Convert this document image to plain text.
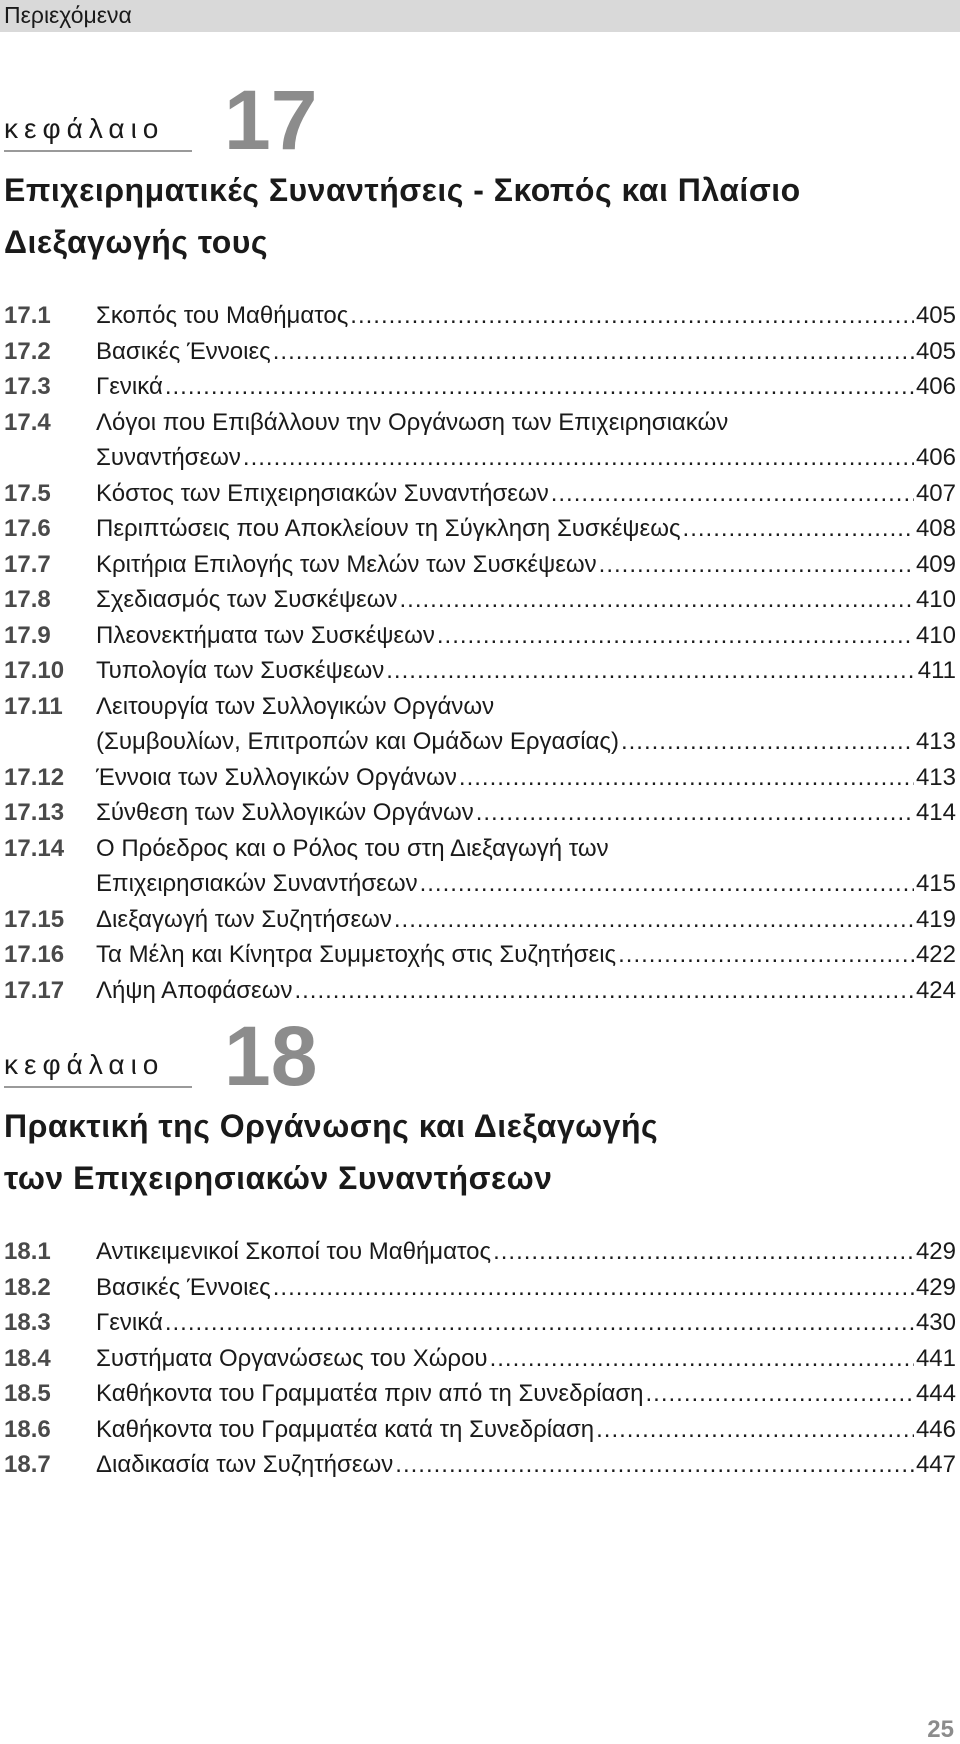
Περιεχόμενα
κεφάλαιο 17
Επιχειρηματικές Συναντήσεις - Σκοπός και Πλαίσιο
Διεξαγωγής τους
17.1	Σκοπός του Μαθήματος .....	405
17.2	Βασικές Έννοιες .....	405
17.3	Γενικά .....	406
17.4	Λόγοι που Επιβάλλουν την Οργάνωση των Επιχειρησιακών
Συναντήσεων .....	406
17.5	Κόστος των Επιχειρησιακών Συναντήσεων .....	407
17.6	Περιπτώσεις που Αποκλείουν τη Σύγκληση Συσκέψεως .....	408
17.7	Κριτήρια Επιλογής των Μελών των Συσκέψεων .....	409
17.8	Σχεδιασμός των Συσκέψεων .....	410
17.9	Πλεονεκτήματα των Συσκέψεων .....	410
17.10	Τυπολογία των Συσκέψεων .....	411
17.11	Λειτουργία των Συλλογικών Οργάνων
(Συμβουλίων, Επιτροπών και Ομάδων Εργασίας) .....	413
17.12	Έννοια των Συλλογικών Οργάνων .....	413
17.13	Σύνθεση των Συλλογικών Οργάνων .....	414
17.14	Ο Πρόεδρος και ο Ρόλος του στη Διεξαγωγή των
Επιχειρησιακών Συναντήσεων .....	415
17.15	Διεξαγωγή των Συζητήσεων .....	419
17.16	Τα Μέλη και Κίνητρα Συμμετοχής στις Συζητήσεις .....	422
17.17	Λήψη Αποφάσεων .....	424
κεφάλαιο 18
Πρακτική της Οργάνωσης και Διεξαγωγής
των Επιχειρησιακών Συναντήσεων
18.1	Αντικειμενικοί Σκοποί του Μαθήματος .....	429
18.2	Βασικές Έννοιες .....	429
18.3	Γενικά .....	430
18.4	Συστήματα Οργανώσεως του Χώρου .....	441
18.5	Καθήκοντα του Γραμματέα πριν από τη Συνεδρίαση .....	444
18.6	Καθήκοντα του Γραμματέα κατά τη Συνεδρίαση .....	446
18.7	Διαδικασία των Συζητήσεων .....	447
25
